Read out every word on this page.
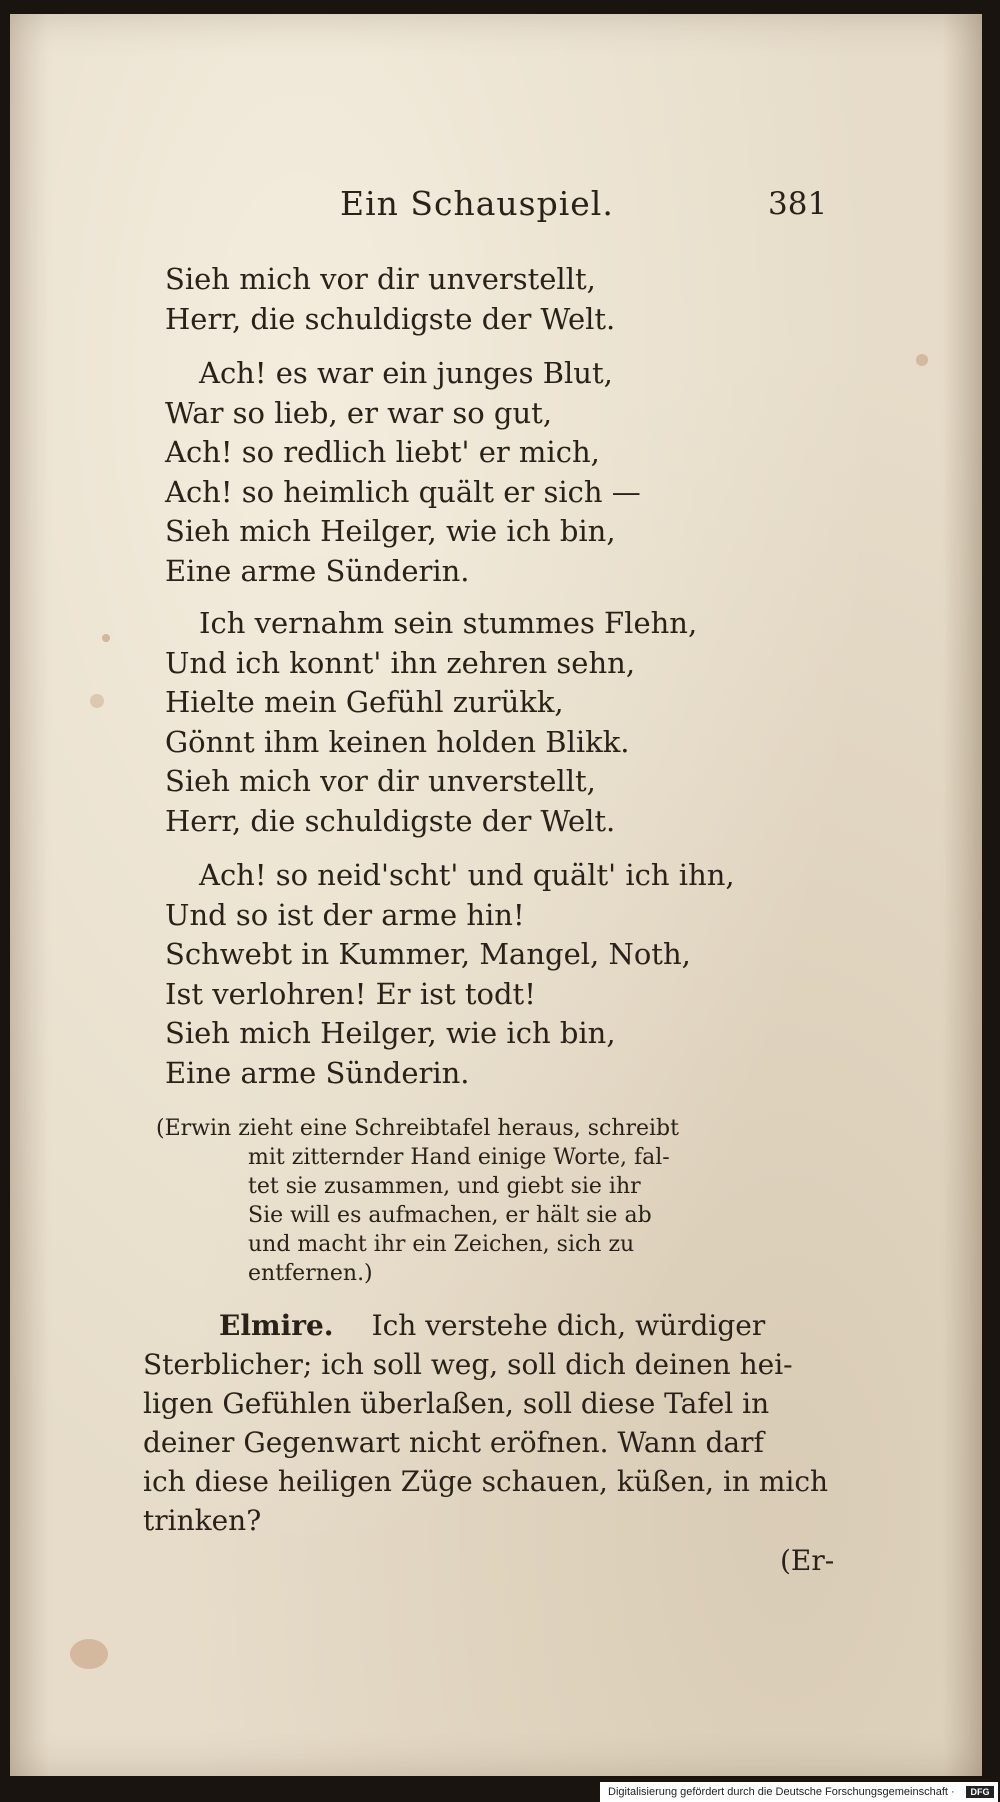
Ein Schauspiel.	381
Sieh mich vor dir unverstellt,
Herr, die schuldigste der Welt.
Ach! es war ein junges Blut,
War so lieb, er war so gut,
Ach! so redlich liebt' er mich,
Ach! so heimlich quält er sich —
Sieh mich Heilger, wie ich bin,
Eine arme Sünderin.
Ich vernahm sein stummes Flehn,
Und ich konnt' ihn zehren sehn,
Hielte mein Gefühl zurükk,
Gönnt ihm keinen holden Blikk.
Sieh mich vor dir unverstellt,
Herr, die schuldigste der Welt.
Ach! so neid'scht' und quält' ich ihn,
Und so ist der arme hin!
Schwebt in Kummer, Mangel, Noth,
Ist verlohren! Er ist todt!
Sieh mich Heilger, wie ich bin,
Eine arme Sünderin.
(Erwin zieht eine Schreibtafel heraus, schreibt
mit zitternder Hand einige Worte, fal-
tet sie zusammen, und giebt sie ihr
Sie will es aufmachen, er hält sie ab
und macht ihr ein Zeichen, sich zu
entfernen.)
Elmire. Ich verstehe dich, würdiger
Sterblicher; ich soll weg, soll dich deinen hei-
ligen Gefühlen überlaßen, soll diese Tafel in
deiner Gegenwart nicht eröfnen. Wann darf
ich diese heiligen Züge schauen, küßen, in mich
trinken?
(Er-
Digitalisierung gefördert durch die Deutsche Forschungsgemeinschaft ·	DFG
